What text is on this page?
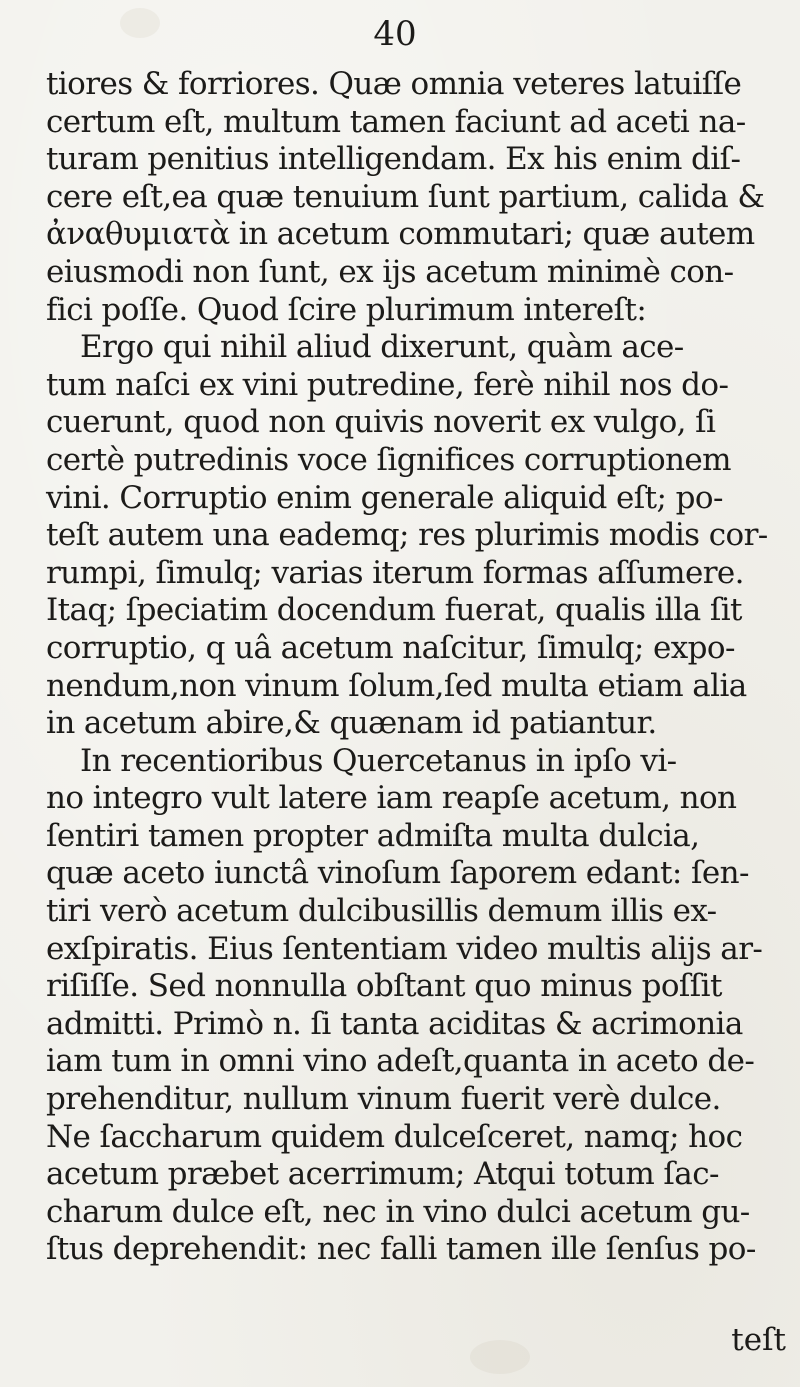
40
tiores & forriores. Quæ omnia veteres latuiſſe
certum eſt, multum tamen faciunt ad aceti na-
turam penitius intelligendam. Ex his enim diſ-
cere eſt,ea quæ tenuium ſunt partium, calida &
ἀναθυμιατὰ in acetum commutari; quæ autem
eiusmodi non ſunt, ex ijs acetum minimè con-
fici poſſe. Quod ſcire plurimum intereſt:
Ergo qui nihil aliud dixerunt, quàm ace-
tum naſci ex vini putredine, ferè nihil nos do-
cuerunt, quod non quivis noverit ex vulgo, ſi
certè putredinis voce ſignifices corruptionem
vini. Corruptio enim generale aliquid eſt; po-
teſt autem una eademq; res plurimis modis cor-
rumpi, ſimulq; varias iterum formas aſſumere.
Itaq; ſpeciatim docendum fuerat, qualis illa ſit
corruptio, q uâ acetum naſcitur, ſimulq; expo-
nendum,non vinum ſolum,ſed multa etiam alia
in acetum abire,& quænam id patiantur.
In recentioribus Quercetanus in ipſo vi-
no integro vult latere iam reapſe acetum, non
ſentiri tamen propter admiſta multa dulcia,
quæ aceto iunctâ vinoſum ſaporem edant: ſen-
tiri verò acetum dulcibusillis demum illis ex-
exſpiratis. Eius ſententiam video multis alijs ar-
riſiſſe. Sed nonnulla obſtant quo minus poſſit
admitti. Primò n. ſi tanta aciditas & acrimonia
iam tum in omni vino adeſt,quanta in aceto de-
prehenditur, nullum vinum fuerit verè dulce.
Ne ſaccharum quidem dulceſceret, namq; hoc
acetum præbet acerrimum; Atqui totum ſac-
charum dulce eſt, nec in vino dulci acetum gu-
ſtus deprehendit: nec falli tamen ille ſenſus po-
teſt
